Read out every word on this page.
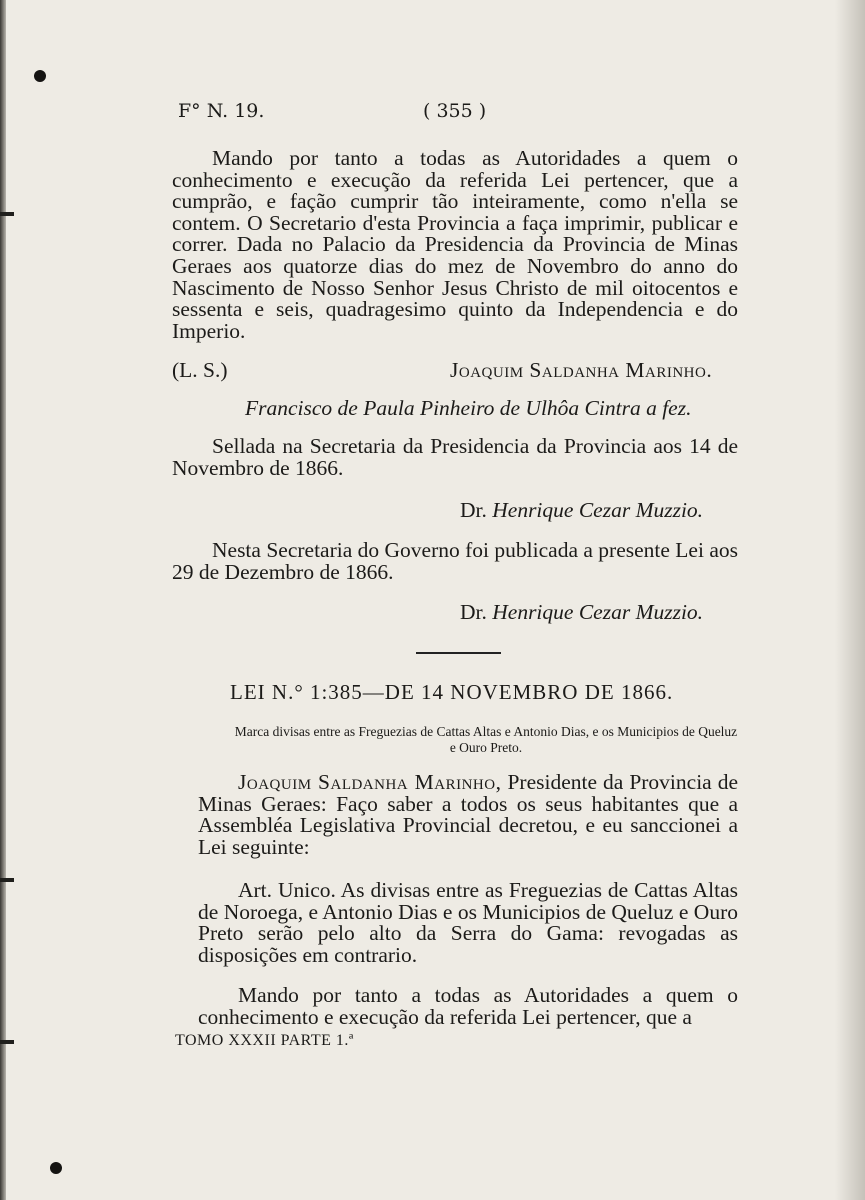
F° N. 19.	( 355 )

Mando por tanto a todas as Autoridades a quem o conhecimento e execução da referida Lei pertencer, que a cumprão, e fação cumprir tão inteiramente, como n'ella se contem. O Secretario d'esta Provincia a faça imprimir, publicar e correr. Dada no Palacio da Presidencia da Provincia de Minas Geraes aos quatorze dias do mez de Novembro do anno do Nascimento de Nosso Senhor Jesus Christo de mil oitocentos e sessenta e seis, quadragesimo quinto da Independencia e do Imperio.

(L. S.)	Joaquim Saldanha Marinho.
Francisco de Paula Pinheiro de Ulhôa Cintra a fez.

Sellada na Secretaria da Presidencia da Provincia aos 14 de Novembro de 1866.

Dr. Henrique Cezar Muzzio.

Nesta Secretaria do Governo foi publicada a presente Lei aos 29 de Dezembro de 1866.

Dr. Henrique Cezar Muzzio.
LEI N.° 1:385—DE 14 NOVEMBRO DE 1866.
Marca divisas entre as Freguezias de Cattas Altas e Antonio Dias, e os Municipios de Queluz e Ouro Preto.

Joaquim Saldanha Marinho, Presidente da Provincia de Minas Geraes: Faço saber a todos os seus habitantes que a Assembléa Legislativa Provincial decretou, e eu sanccionei a Lei seguinte:

Art. Unico. As divisas entre as Freguezias de Cattas Altas de Noroega, e Antonio Dias e os Municipios de Queluz e Ouro Preto serão pelo alto da Serra do Gama: revogadas as disposições em contrario.

Mando por tanto a todas as Autoridades a quem o conhecimento e execução da referida Lei pertencer, que a

TOMO XXXII PARTE 1.ª
